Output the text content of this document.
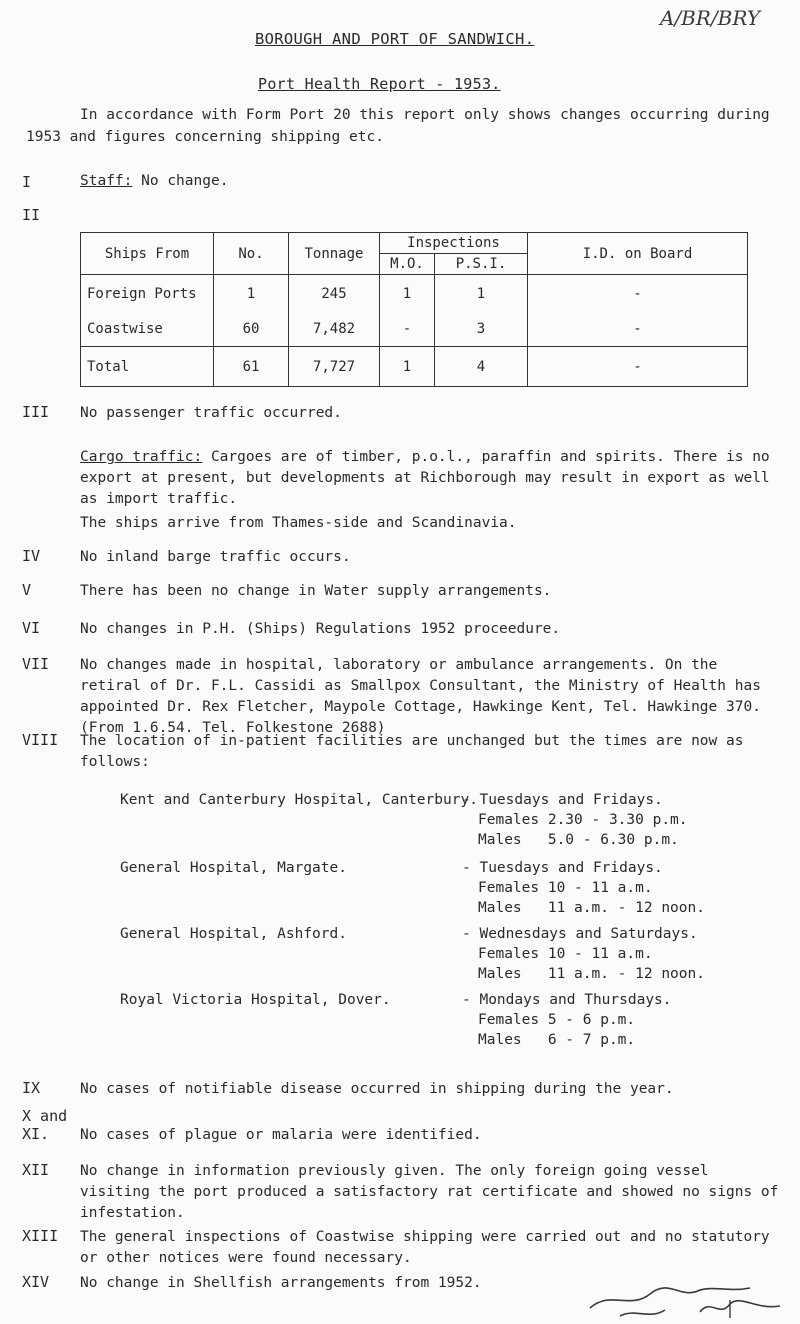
A/BR/BRY
BOROUGH AND PORT OF SANDWICH.
Port Health Report - 1953.
In accordance with Form Port 20 this report only shows changes occurring during 1953 and figures concerning shipping etc.
I	Staff: No change.
II
Ships From	No.	Tonnage	Inspections		I.D. on Board
			M.O.	P.S.I.	
Foreign Ports	1	245	1	1	-
Coastwise	60	7,482	-	3	-
Total	61	7,727	1	4	-
III No passenger traffic occurred.
Cargo traffic: Cargoes are of timber, p.o.l., paraffin and spirits. There is no export at present, but developments at Richborough may result in export as well as import traffic.
The ships arrive from Thames-side and Scandinavia.
IV	No inland barge traffic occurs.
V	There has been no change in Water supply arrangements.
VI	No changes in P.H. (Ships) Regulations 1952 proceedure.
VII No changes made in hospital, laboratory or ambulance arrangements. On the retiral of Dr. F.L. Cassidi as Smallpox Consultant, the Ministry of Health has appointed Dr. Rex Fletcher, Maypole Cottage, Hawkinge Kent, Tel. Hawkinge 370. (From 1.6.54. Tel. Folkestone 2688)
VIII The location of in-patient facilities are unchanged but the times are now as follows:
Kent and Canterbury Hospital, Canterbury.
- Tuesdays and Fridays.
Females 2.30 - 3.30 p.m.
Males   5.0 - 6.30 p.m.
General Hospital, Margate.	- Tuesdays and Fridays.
Females 10 - 11 a.m.
Males   11 a.m. - 12 noon.
General Hospital, Ashford.	- Wednesdays and Saturdays.
Females 10 - 11 a.m.
Males   11 a.m. - 12 noon.
Royal Victoria Hospital, Dover.	- Mondays and Thursdays.
Females 5 - 6 p.m.
Males   6 - 7 p.m.
IX	No cases of notifiable disease occurred in shipping during the year.
X and
XI. No cases of plague or malaria were identified.
XII No change in information previously given. The only foreign going vessel visiting the port produced a satisfactory rat certificate and showed no signs of infestation.
XIII The general inspections of Coastwise shipping were carried out and no statutory or other notices were found necessary.
XIV No change in Shellfish arrangements from 1952.
